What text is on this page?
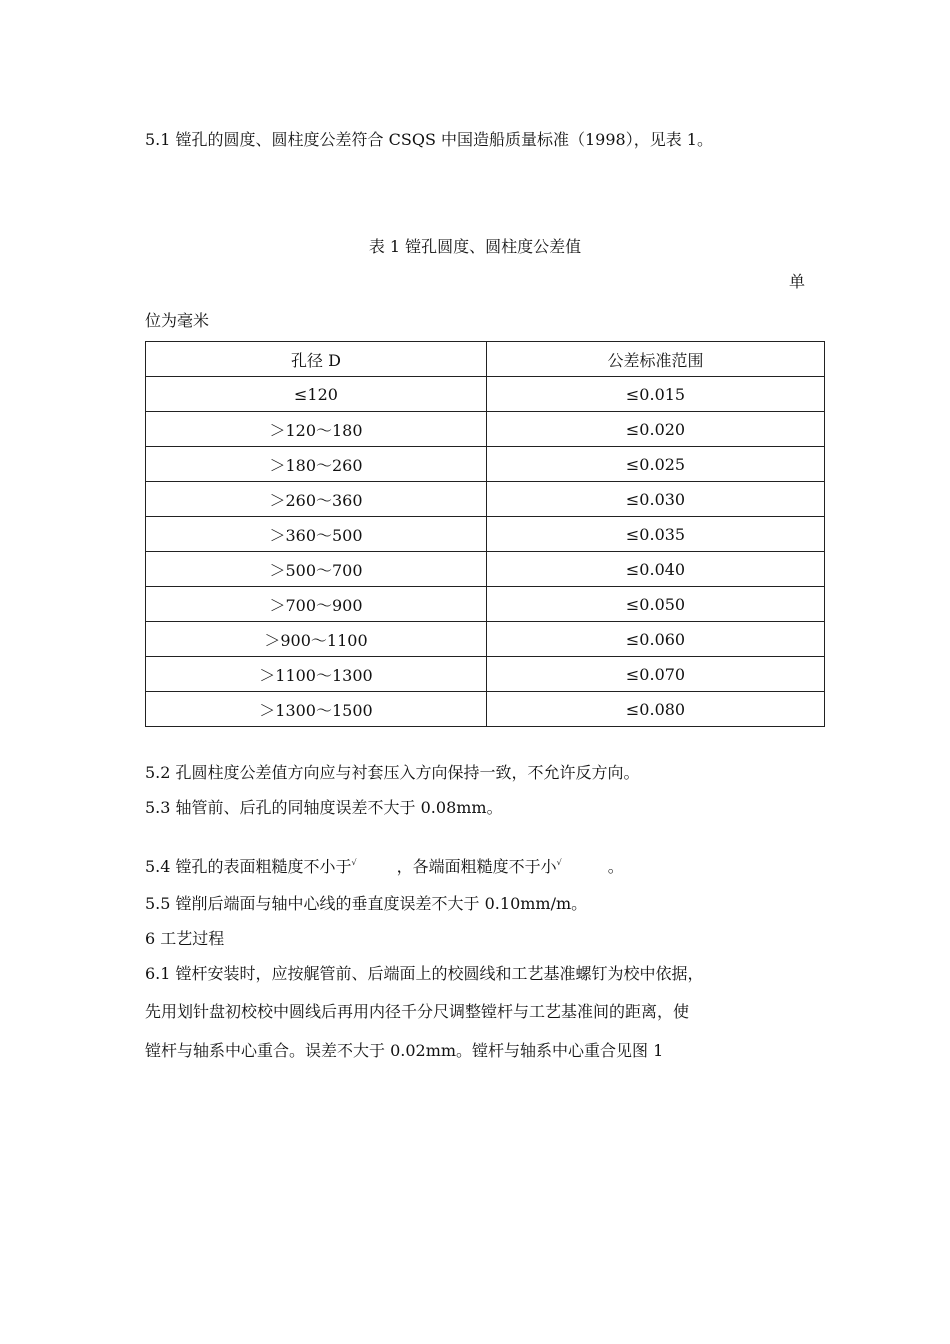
5.1 镗孔的圆度、圆柱度公差符合 CSQS 中国造船质量标准（1998），见表 1。
表 1 镗孔圆度、圆柱度公差值
单
位为毫米
孔径 D	公差标准范围
≤120	≤0.015
＞120～180	≤0.020
＞180～260	≤0.025
＞260～360	≤0.030
＞360～500	≤0.035
＞500～700	≤0.040
＞700～900	≤0.050
＞900～1100	≤0.060
＞1100～1300	≤0.070
＞1300～1500	≤0.080
5.2 孔圆柱度公差值方向应与衬套压入方向保持一致，不允许反方向。
5.3 轴管前、后孔的同轴度误差不大于 0.08mm。
5.4 镗孔的表面粗糙度不小于√	，各端面粗糙度不于小√	。
5.5 镗削后端面与轴中心线的垂直度误差不大于 0.10mm/m。
6 工艺过程
6.1 镗杆安装时，应按艉管前、后端面上的校圆线和工艺基准螺钉为校中依据，
先用划针盘初校校中圆线后再用内径千分尺调整镗杆与工艺基准间的距离，使
镗杆与轴系中心重合。误差不大于 0.02mm。镗杆与轴系中心重合见图 1
